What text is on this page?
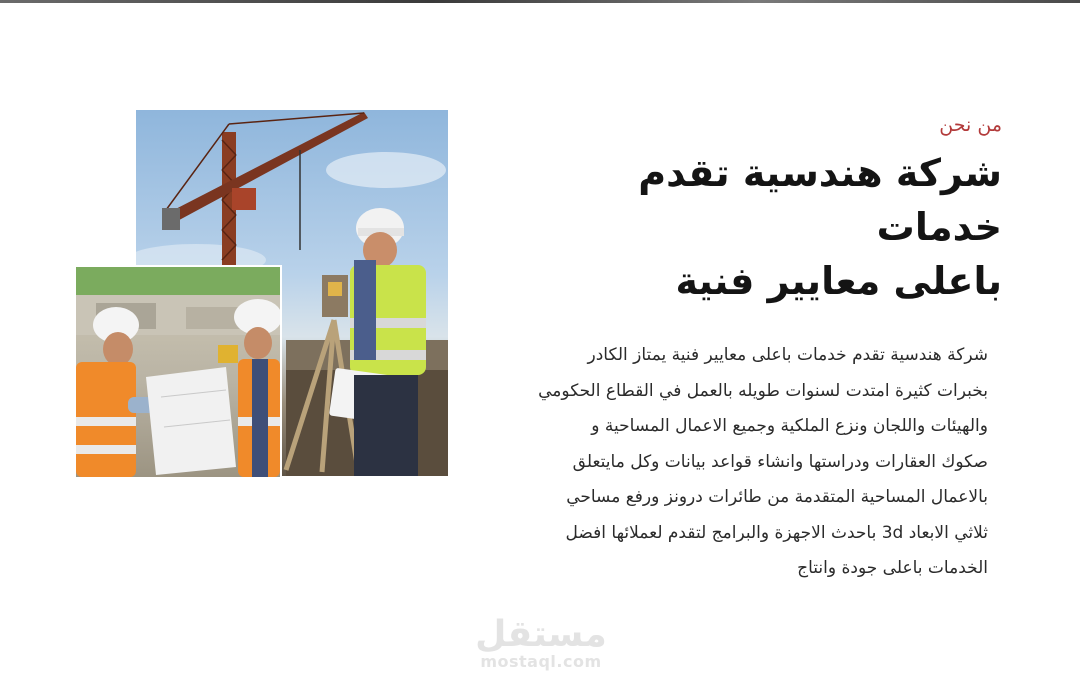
من نحن
شركة هندسية تقدم
خدمات
باعلى معايير فنية
شركة هندسية تقدم خدمات باعلى معايير فنية يمتاز الكادر
بخبرات كثيرة امتدت لسنوات طويله بالعمل في القطاع الحكومي
والهيئات واللجان ونزع الملكية وجميع الاعمال المساحية و
صكوك العقارات ودراستها وانشاء قواعد بيانات وكل مايتعلق
بالاعمال المساحية المتقدمة من طائرات درونز ورفع مساحي
ثلاثي الابعاد 3d باحدث الاجهزة والبرامج لتقدم لعملائها افضل
الخدمات باعلى جودة وانتاج
مستقل
mostaql.com
